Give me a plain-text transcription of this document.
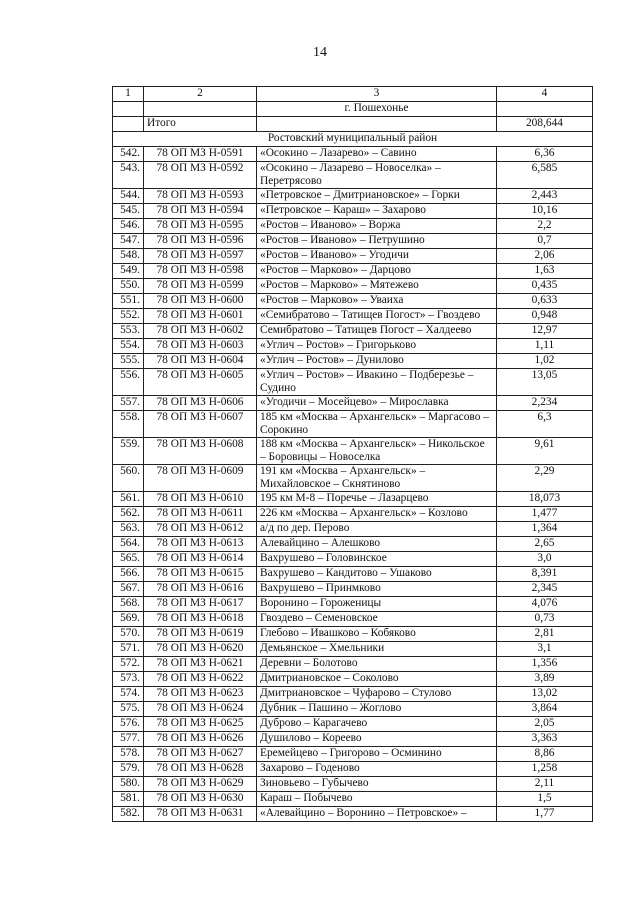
14
1	2	3	4
		г. Пошехонье	
	Итого		208,644
Ростовский муниципальный район			
542.	78 ОП МЗ Н-0591	«Осокино – Лазарево» – Савино	6,36
543.	78 ОП МЗ Н-0592	«Осокино – Лазарево – Новоселка» – Перетрясово	6,585
544.	78 ОП МЗ Н-0593	«Петровское – Дмитриановское» – Горки	2,443
545.	78 ОП МЗ Н-0594	«Петровское – Караш» – Захарово	10,16
546.	78 ОП МЗ Н-0595	«Ростов – Иваново» – Воржа	2,2
547.	78 ОП МЗ Н-0596	«Ростов – Иваново» – Петрушино	0,7
548.	78 ОП МЗ Н-0597	«Ростов – Иваново» – Угодичи	2,06
549.	78 ОП МЗ Н-0598	«Ростов – Марково» – Дарцово	1,63
550.	78 ОП МЗ Н-0599	«Ростов – Марково» – Мятежево	0,435
551.	78 ОП МЗ Н-0600	«Ростов – Марково» – Уваиха	0,633
552.	78 ОП МЗ Н-0601	«Семибратово – Татищев Погост» – Гвоздево	0,948
553.	78 ОП МЗ Н-0602	Семибратово – Татищев Погост – Халдеево	12,97
554.	78 ОП МЗ Н-0603	«Углич – Ростов» – Григорьково	1,11
555.	78 ОП МЗ Н-0604	«Углич – Ростов» – Дунилово	1,02
556.	78 ОП МЗ Н-0605	«Углич – Ростов» – Ивакино – Подберезье – Судино	13,05
557.	78 ОП МЗ Н-0606	«Угодичи – Мосейцево» – Мирославка	2,234
558.	78 ОП МЗ Н-0607	185 км «Москва – Архангельск» – Маргасово – Сорокино	6,3
559.	78 ОП МЗ Н-0608	188 км «Москва – Архангельск» – Никольское – Боровицы – Новоселка	9,61
560.	78 ОП МЗ Н-0609	191 км «Москва – Архангельск» – Михайловское – Скнятиново	2,29
561.	78 ОП МЗ Н-0610	195 км М-8 – Поречье – Лазарцево	18,073
562.	78 ОП МЗ Н-0611	226 км «Москва – Архангельск» – Козлово	1,477
563.	78 ОП МЗ Н-0612	а/д по дер. Перово	1,364
564.	78 ОП МЗ Н-0613	Алевайцино – Алешково	2,65
565.	78 ОП МЗ Н-0614	Вахрушево – Головинское	3,0
566.	78 ОП МЗ Н-0615	Вахрушево – Кандитово – Ушаково	8,391
567.	78 ОП МЗ Н-0616	Вахрушево – Принмково	2,345
568.	78 ОП МЗ Н-0617	Воронино – Гороженицы	4,076
569.	78 ОП МЗ Н-0618	Гвоздево – Семеновское	0,73
570.	78 ОП МЗ Н-0619	Глебово – Ивашково – Кобяково	2,81
571.	78 ОП МЗ Н-0620	Демьянское – Хмельники	3,1
572.	78 ОП МЗ Н-0621	Деревни – Болотово	1,356
573.	78 ОП МЗ Н-0622	Дмитриановское – Соколово	3,89
574.	78 ОП МЗ Н-0623	Дмитриановское – Чуфарово – Стулово	13,02
575.	78 ОП МЗ Н-0624	Дубник – Пашино – Жоглово	3,864
576.	78 ОП МЗ Н-0625	Дуброво – Карагачево	2,05
577.	78 ОП МЗ Н-0626	Душилово – Кореево	3,363
578.	78 ОП МЗ Н-0627	Еремейцево – Григорово – Осминино	8,86
579.	78 ОП МЗ Н-0628	Захарово – Годеново	1,258
580.	78 ОП МЗ Н-0629	Зиновьево – Губычево	2,11
581.	78 ОП МЗ Н-0630	Караш – Побычево	1,5
582.	78 ОП МЗ Н-0631	«Алевайцино – Воронино – Петровское» –	1,77
